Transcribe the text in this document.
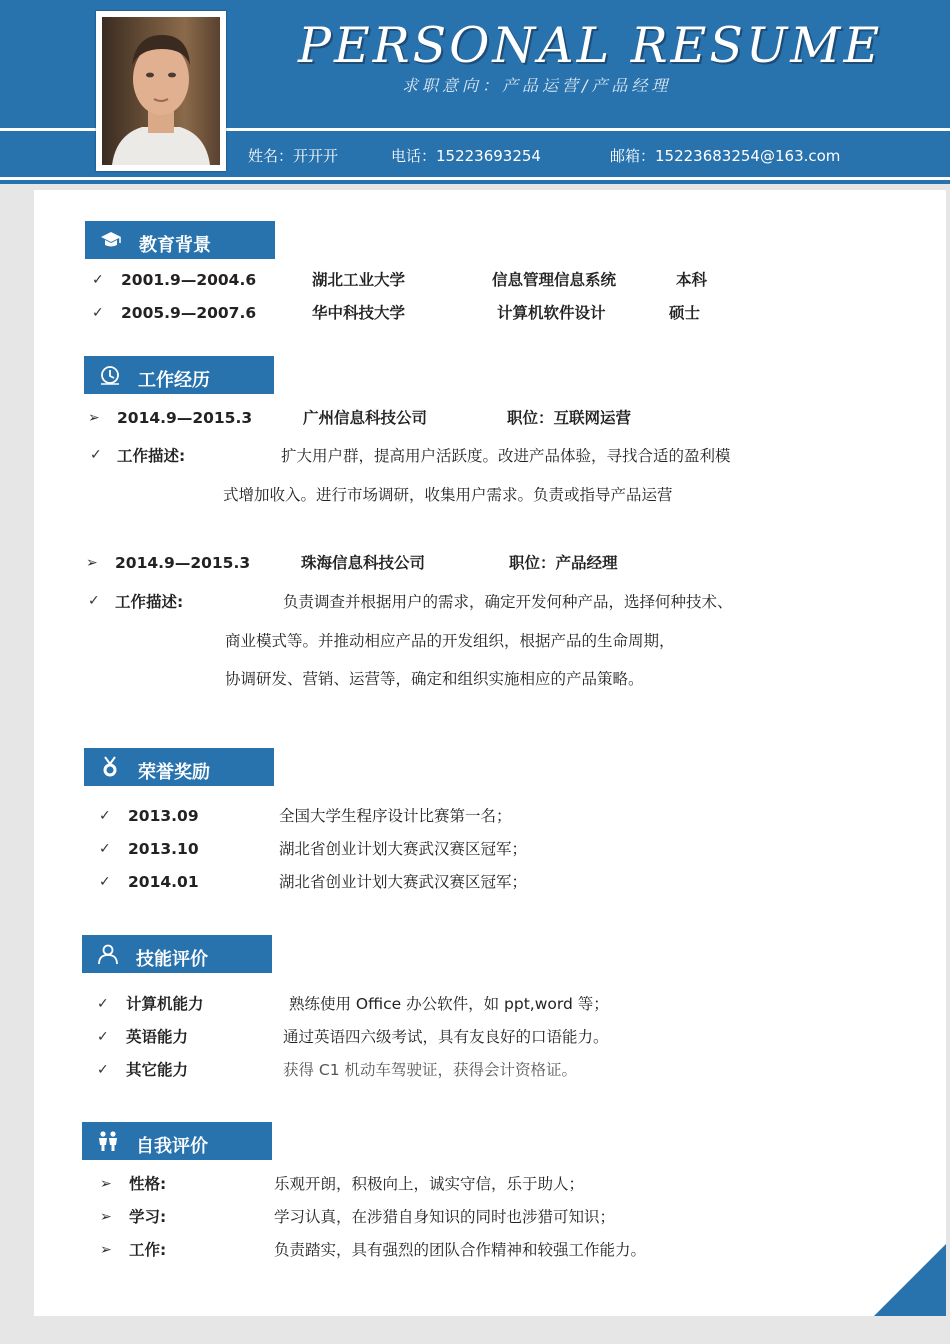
PERSONAL RESUME
求职意向：产品运营/产品经理
姓名：开开开	电话：15223693254	邮箱：15223683254@163.com
教育背景
✓ 2001.9—2004.6	湖北工业大学	信息管理信息系统	本科
✓ 2005.9—2007.6	华中科技大学	计算机软件设计	硕士
工作经历
➢ 2014.9—2015.3	广州信息科技公司	职位：互联网运营
✓ 工作描述:	扩大用户群，提高用户活跃度。改进产品体验，寻找合适的盈利模
式增加收入。进行市场调研，收集用户需求。负责或指导产品运营
➢ 2014.9—2015.3	珠海信息科技公司	职位：产品经理
✓ 工作描述:	负责调查并根据用户的需求，确定开发何种产品，选择何种技术、
商业模式等。并推动相应产品的开发组织，根据产品的生命周期，
协调研发、营销、运营等，确定和组织实施相应的产品策略。
荣誉奖励
✓ 2013.09	全国大学生程序设计比赛第一名；
✓ 2013.10	湖北省创业计划大赛武汉赛区冠军；
✓ 2014.01	湖北省创业计划大赛武汉赛区冠军；
技能评价
✓ 计算机能力	熟练使用 Office 办公软件，如 ppt,word 等；
✓ 英语能力	通过英语四六级考试，具有友良好的口语能力。
✓ 其它能力	获得 C1 机动车驾驶证，获得会计资格证。
自我评价
➢ 性格:	乐观开朗，积极向上，诚实守信，乐于助人；
➢ 学习:	学习认真，在涉猎自身知识的同时也涉猎可知识；
➢ 工作:	负责踏实，具有强烈的团队合作精神和较强工作能力。
